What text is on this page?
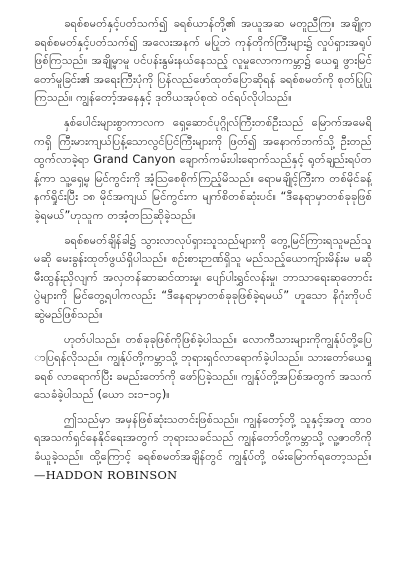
ခရစ်စမတ်နှင့်ပတ်သက်၍ ခရစ်ယာန်တို့၏ အယူအဆ မတူညီကြ။ အချို့က ခရစ်စမတ်နှင့်ပတ်သက်၍ အလေးအနက် မပြုဘဲ ကုန်တိုက်ကြီးများ၌ လှုပ်ရှားအရုပ်ဖြစ်ကြသည်။ အချို့မှာမူ ပင်ပန်းနွမ်းနယ်နေသည့် လူမှုလောကကမ္ဘာ၌ ယေရှု ဖွားမြင်တော်မူခြင်း၏ အရေးကြီးပုံကို ပြန်လည်ဖော်ထုတ်ပြောဆိုရန် ခရစ်စမတ်ကို စုတ်ပြုပြုကြသည်။ ကျွန်တော့်အနေနှင့် ဒုတိယအုပ်စုထဲ ဝင်ရပ်လိုပါသည်။

နှစ်ပေါင်းများစွာကာလက ရှေ့ဆောင်ပုဂ္ဂိုလ်ကြီးတစ်ဦးသည် မြောက်အမေရိကရှိ ကြီးမားကျယ်ပြန့်သောလွင်ပြင်ကြီးများကို ဖြတ်၍ အနောက်ဘက်သို့ ဦးတည်ထွက်လာခဲ့ရာ Grand Canyon ချောက်ကမ်းပါးရောက်သည်နှင့် ရုတ်ချည်းရပ်တန့်ကာ သူ့ရှေ့မှ မြင်ကွင်းကို အံ့သြစေစိုက်ကြည့်မိသည်။ ရောမချိုင့်ကြီးက တစ်မိုင်ခန့် နက်ရှိုင်းပြီး ၁၈ မိုင်အကျယ် မြင်ကွင်းက မျက်စိတစ်ဆုံးပင်။ “ဒီနေရာမှာတစ်ခုခုဖြစ်ခဲ့ရမယ်”ဟုသူက တအံ့တသြဆိုခဲ့သည်။

ခရစ်စမတ်ချိန်ခါ၌ သွားလာလုပ်ရှားသူသည်များကို တွေ့မြင်ကြားရသူမည်သူမဆို မေးခွန်းထုတ်ဖွယ်ရှိပါသည်။ စဉ်းစားဉာဏ်ရှိသူ မည်သည့်ယောကျ်ားမိန်းမ မဆို မီးထွန်းညှိလျက် အလှတန်ဆာဆင်ထားမှု၊ ပျော်ပါးရွှင်လန်းမှု၊ ဘာသာရေးဆုတောင်းပွဲများကို မြင်တွေ့ရပါကလည်း “ဒီနေရာမှာတစ်ခုခုဖြစ်ခဲ့ရမယ်” ဟူသော နိဂုံးကိုပင် ဆွဲမည်ဖြစ်သည်။

ဟုတ်ပါသည်။ တစ်ခုခုဖြစ်ကိုဖြစ်ခဲ့ပါသည်။ လောကီသားများကိုကျွန်ုပ်တို့ပြောပြရန်လိုသည်။ ကျွန်ုပ်တို့ကမ္ဘာသို့ ဘုရားရှင်လာရောက်ခဲ့ပါသည်။ သားတော်ယေရှုခရစ် လာရောက်ပြီး ခမည်းတော်ကို ဖော်ပြခဲ့သည်။ ကျွန်ုပ်တို့အပြစ်အတွက် အသက်သေခံခဲ့ပါသည် (ယော ၁း၁–၁၄)။

ဤသည်မှာ အမှန်ဖြစ်ဆုံးသတင်းဖြစ်သည်။ ကျွန်တော့်တို့ သူနှင့်အတူ ထာဝရအသက်ရှင်နေနိုင်ရေးအတွက် ဘုရားသခင်သည် ကျွန်တော်တို့ကမ္ဘာသို့ လူ့ဇာတိကိုခံယူခဲ့သည်။ ထို့ကြောင့် ခရစ်စမတ်အချိန်တွင် ကျွန်ုပ်တို့ ဝမ်းမြောက်ရတော့သည်။—HADDON ROBINSON
